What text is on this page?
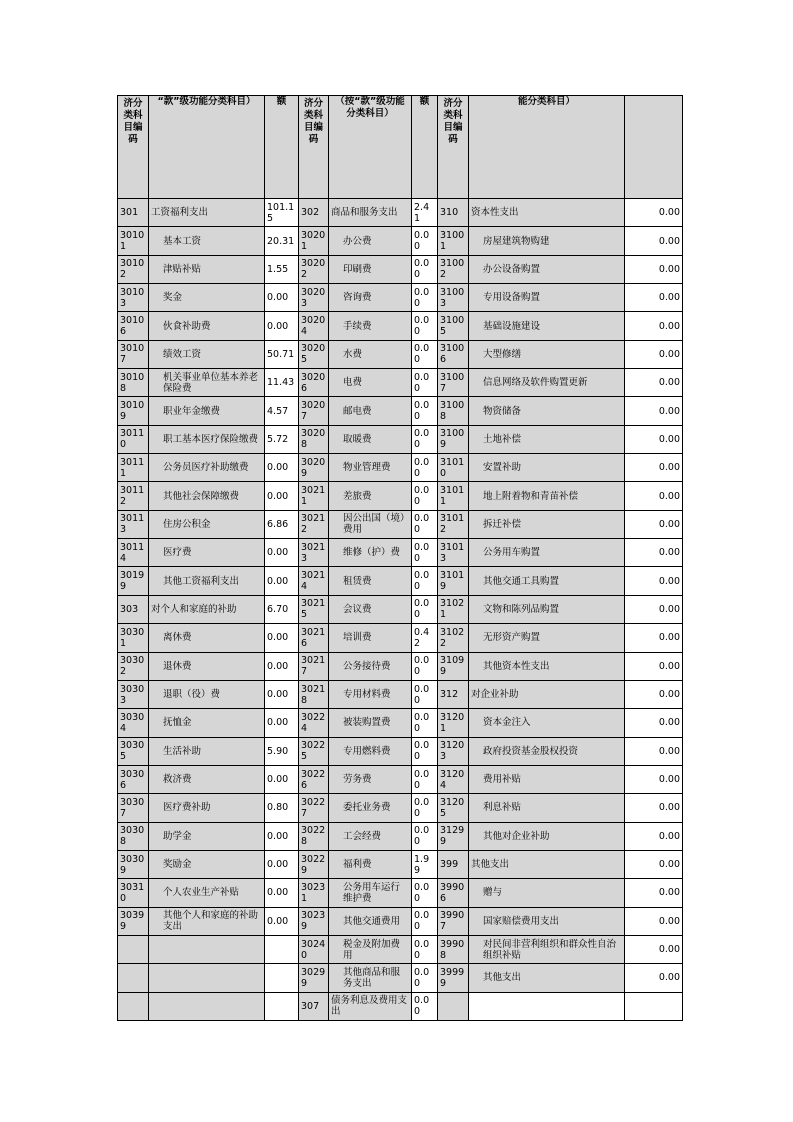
济分类科目编码	“款”级功能分类科目）	额	济分类科目编码	（按“款”级功能分类科目）	额	济分类科目编码	能分类科目）	
301	工资福利支出	101.15	302	商品和服务支出	2.41	310	资本性支出	0.00
30101	基本工资	20.31	30201	办公费	0.00	31001	房屋建筑物购建	0.00
30102	津贴补贴	1.55	30202	印刷费	0.00	31002	办公设备购置	0.00
30103	奖金	0.00	30203	咨询费	0.00	31003	专用设备购置	0.00
30106	伙食补助费	0.00	30204	手续费	0.00	31005	基础设施建设	0.00
30107	绩效工资	50.71	30205	水费	0.00	31006	大型修缮	0.00
30108	机关事业单位基本养老保险费	11.43	30206	电费	0.00	31007	信息网络及软件购置更新	0.00
30109	职业年金缴费	4.57	30207	邮电费	0.00	31008	物资储备	0.00
30110	职工基本医疗保险缴费	5.72	30208	取暖费	0.00	31009	土地补偿	0.00
30111	公务员医疗补助缴费	0.00	30209	物业管理费	0.00	31010	安置补助	0.00
30112	其他社会保障缴费	0.00	30211	差旅费	0.00	31011	地上附着物和青苗补偿	0.00
30113	住房公积金	6.86	30212	因公出国（境）费用	0.00	31012	拆迁补偿	0.00
30114	医疗费	0.00	30213	维修（护）费	0.00	31013	公务用车购置	0.00
30199	其他工资福利支出	0.00	30214	租赁费	0.00	31019	其他交通工具购置	0.00
303	对个人和家庭的补助	6.70	30215	会议费	0.00	31021	文物和陈列品购置	0.00
30301	离休费	0.00	30216	培训费	0.42	31022	无形资产购置	0.00
30302	退休费	0.00	30217	公务接待费	0.00	31099	其他资本性支出	0.00
30303	退职（役）费	0.00	30218	专用材料费	0.00	312	对企业补助	0.00
30304	抚恤金	0.00	30224	被装购置费	0.00	31201	资本金注入	0.00
30305	生活补助	5.90	30225	专用燃料费	0.00	31203	政府投资基金股权投资	0.00
30306	救济费	0.00	30226	劳务费	0.00	31204	费用补贴	0.00
30307	医疗费补助	0.80	30227	委托业务费	0.00	31205	利息补贴	0.00
30308	助学金	0.00	30228	工会经费	0.00	31299	其他对企业补助	0.00
30309	奖励金	0.00	30229	福利费	1.99	399	其他支出	0.00
30310	个人农业生产补贴	0.00	30231	公务用车运行维护费	0.00	39906	赠与	0.00
30399	其他个人和家庭的补助支出	0.00	30239	其他交通费用	0.00	39907	国家赔偿费用支出	0.00
			30240	税金及附加费用	0.00	39908	对民间非营利组织和群众性自治组织补贴	0.00
			30299	其他商品和服务支出	0.00	39999	其他支出	0.00
			307	债务利息及费用支出	0.00			
